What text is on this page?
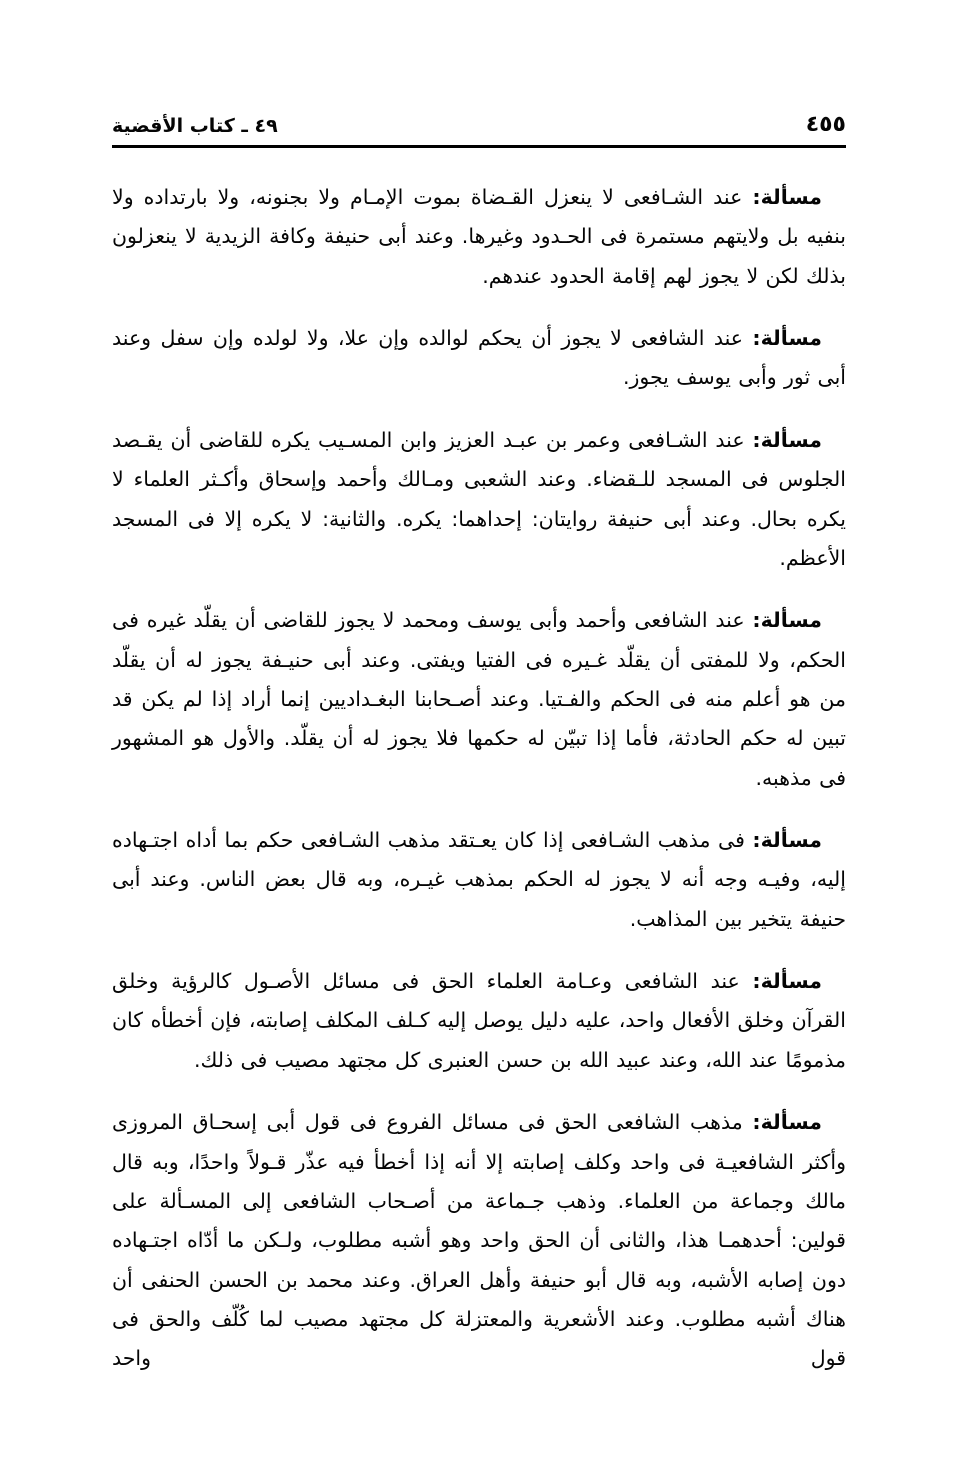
٤٥٥
٤٩ ـ كتاب الأقضية

مسألة: عند الشـافعى لا ينعزل القـضاة بموت الإمـام ولا بجنونه، ولا بارتداده ولا بنفيه بل ولايتهم مستمرة فى الحـدود وغيرها. وعند أبى حنيفة وكافة الزيدية لا ينعزلون بذلك لكن لا يجوز لهم إقامة الحدود عندهم.

مسألة: عند الشافعى لا يجوز أن يحكم لوالده وإن علا، ولا لولده وإن سفل وعند أبى ثور وأبى يوسف يجوز.

مسألة: عند الشـافعى وعمر بن عبـد العزيز وابن المسـيب يكره للقاضى أن يقـصد الجلوس فى المسجد للـقضاء. وعند الشعبى ومـالك وأحمد وإسحاق وأكـثر العلماء لا يكره بحال. وعند أبى حنيفة روايتان: إحداهما: يكره. والثانية: لا يكره إلا فى المسجد الأعظم.

مسألة: عند الشافعى وأحمد وأبى يوسف ومحمد لا يجوز للقاضى أن يقلّد غيره فى الحكم، ولا للمفتى أن يقلّد غـيره فى الفتيا ويفتى. وعند أبى حنيـفة يجوز له أن يقلّد من هو أعلم منه فى الحكم والفـتيا. وعند أصـحابنا البغـداديين إنما أراد إذا لم يكن قد تبين له حكم الحادثة، فأما إذا تبيّن له حكمها فلا يجوز له أن يقلّد. والأول هو المشهور فى مذهبه.

مسألة: فى مذهب الشـافعى إذا كان يعـتقد مذهب الشـافعى حكم بما أداه اجتـهاده إليه، وفيـه وجه أنه لا يجوز له الحكم بمذهب غيـره، وبه قال بعض الناس. وعند أبى حنيفة يتخير بين المذاهب.

مسألة: عند الشافعى وعـامة العلماء الحق فى مسائل الأصـول كالرؤية وخلق القرآن وخلق الأفعال واحد، عليه دليل يوصل إليه كـلف المكلف إصابته، فإن أخطأه كان مذمومًا عند الله، وعند عبيد الله بن حسن العنبرى كل مجتهد مصيب فى ذلك.

مسألة: مذهب الشافعى الحق فى مسائل الفروع فى قول أبى إسحـاق المروزى وأكثر الشافعيـة فى واحد وكلف إصابته إلا أنه إذا أخطأ فيه عذّر قـولاً واحدًا، وبه قال مالك وجماعة من العلماء. وذهب جـماعة من أصـحاب الشافعى إلى المسـألة على قولين: أحدهمـا هذا، والثانى أن الحق واحد وهو أشبه مطلوب، ولـكن ما أدّاه اجتـهاده دون إصابه الأشبه، وبه قال أبو حنيفة وأهل العراق. وعند محمد بن الحسن الحنفى أن هناك أشبه مطلوب. وعند الأشعرية والمعتزلة كل مجتهد مصيب لما كُلّف والحق فى قول واحد
